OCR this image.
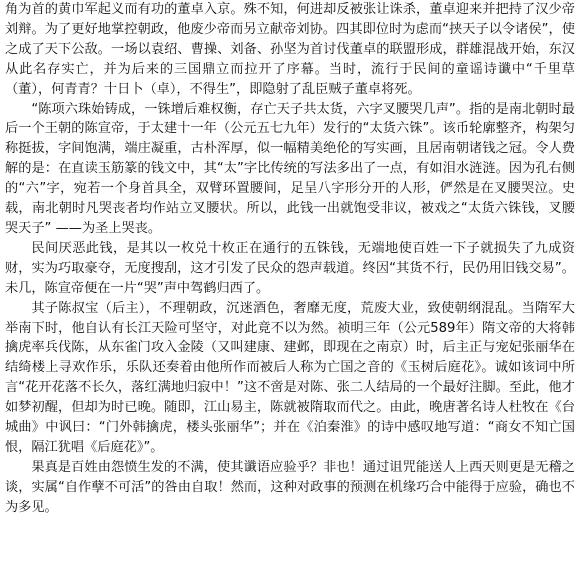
角为首的黄巾军起义而有功的董卓入京。殊不知，何进却反被张让诛杀，董卓迎来并把持了汉少帝刘辩。为了更好地掌控朝政，他废少帝而另立献帝刘协。四其即位时为虑而“挟天子以令诸侯”，使之成了天下公敌。一场以袁绍、曹操、刘备、孙坚为首讨伐董卓的联盟形成，群雄混战开始，东汉从此名存实亡，并为后来的三国鼎立而拉开了序幕。当时，流行于民间的童谣诗谶中“千里草（董），何青青？十日卜（卓），不得生”，即隐射了乱臣贼子董卓将死。

“陈项六珠始铸成，一铢增后难权衡，存亡天子共太货，六字叉腰哭几声”。指的是南北朝时最后一个王朝的陈宣帝，于太建十一年（公元五七九年）发行的“太货六铢”。该币轮廓整齐，构架匀称挺拔，字间饱满，端庄凝重，古朴浑厚，似一幅精美绝伦的写实画，且居南朝诸钱之冠。令人费解的是：在直读玉筋篆的钱文中，其“太”字比传统的写法多出了一点，有如泪水涟涟。因为孔右侧的“六”字，宛若一个身首具全，双臂环置腰间，足呈八字形分开的人形，俨然是在叉腰哭泣。史载，南北朝时凡哭丧者均作站立叉腰状。所以，此钱一出就饱受非议，被戏之“太货六铢钱，叉腰哭天子” ——为圣上哭丧。

民间厌恶此钱，是其以一枚兑十枚正在通行的五铢钱，无端地使百姓一下子就损失了九成资财，实为巧取豪夺，无度搜刮，这才引发了民众的怨声载道。终因“其货不行，民仍用旧钱交易”。未几，陈宣帝便在一片“哭”声中驾鹤归西了。

其子陈叔宝（后主），不理朝政，沉迷酒色，奢靡无度，荒废大业，致使朝纲混乱。当隋军大举南下时，他自认有长江天险可坚守，对此竟不以为然。祯明三年（公元589年）隋文帝的大将韩擒虎率兵伐陈，从东雀门攻入金陵（又叫建康、建邺，即现在之南京）时，后主正与宠妃张丽华在结绮楼上寻欢作乐，乐队还奏着由他所作而被后人称为亡国之音的《玉树后庭花》。诚如该词中所言“花开花落不长久，落红满地归寂中！”这不啻是对陈、张二人结局的一个最好注脚。至此，他才如梦初醒，但却为时已晚。随即，江山易主，陈就被隋取而代之。由此，晚唐著名诗人杜牧在《台城曲》中讽曰：“门外韩擒虎，楼头张丽华”；并在《泊秦淮》的诗中感叹地写道：“商女不知亡国恨，隔江犹唱《后庭花》”。

果真是百姓由怨愤生发的不满，使其谶语应验乎？非也！通过诅咒能送人上西天则更是无稽之谈，实属“自作孽不可活”的咎由自取！然而，这种对政事的预测在机缘巧合中能得于应验，确也不为多见。
